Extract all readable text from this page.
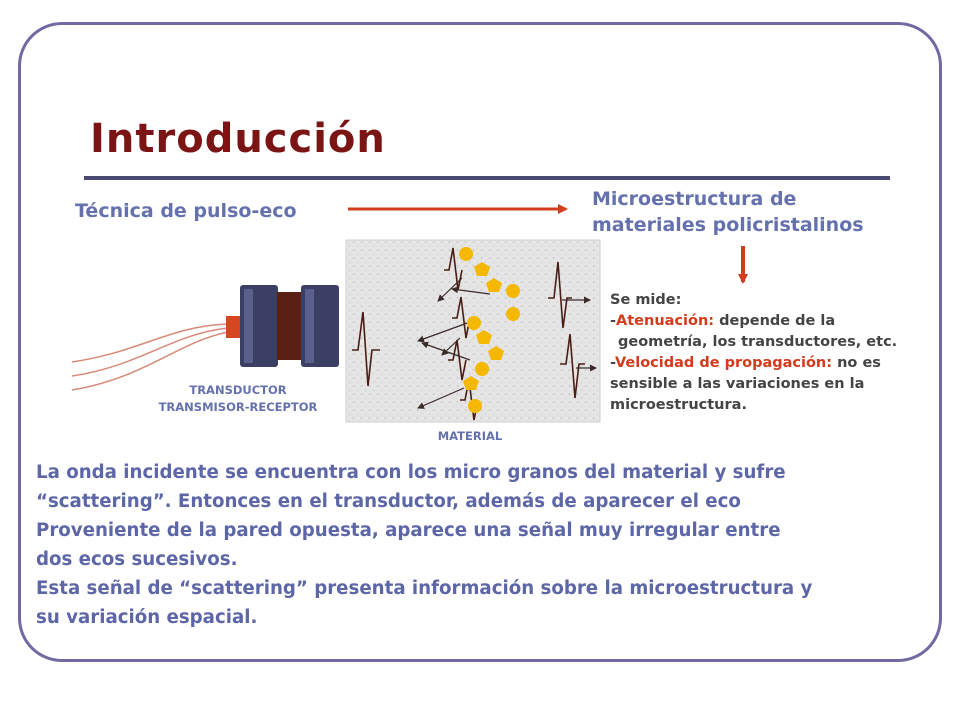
Introducción
Técnica de pulso-eco
Microestructura de
materiales policristalinos
TRANSDUCTOR
TRANSMISOR-RECEPTOR
MATERIAL
Se mide:
-Atenuación: depende de la
geometría, los transductores, etc.
-Velocidad de propagación: no es
sensible a las variaciones en la
microestructura.

La onda incidente se encuentra con los micro granos del material y sufre

“scattering”. Entonces en el transductor, además de aparecer el eco

Proveniente de la pared opuesta, aparece una señal muy irregular entre

dos ecos sucesivos.

Esta señal de “scattering” presenta información sobre la microestructura y

su variación espacial.
